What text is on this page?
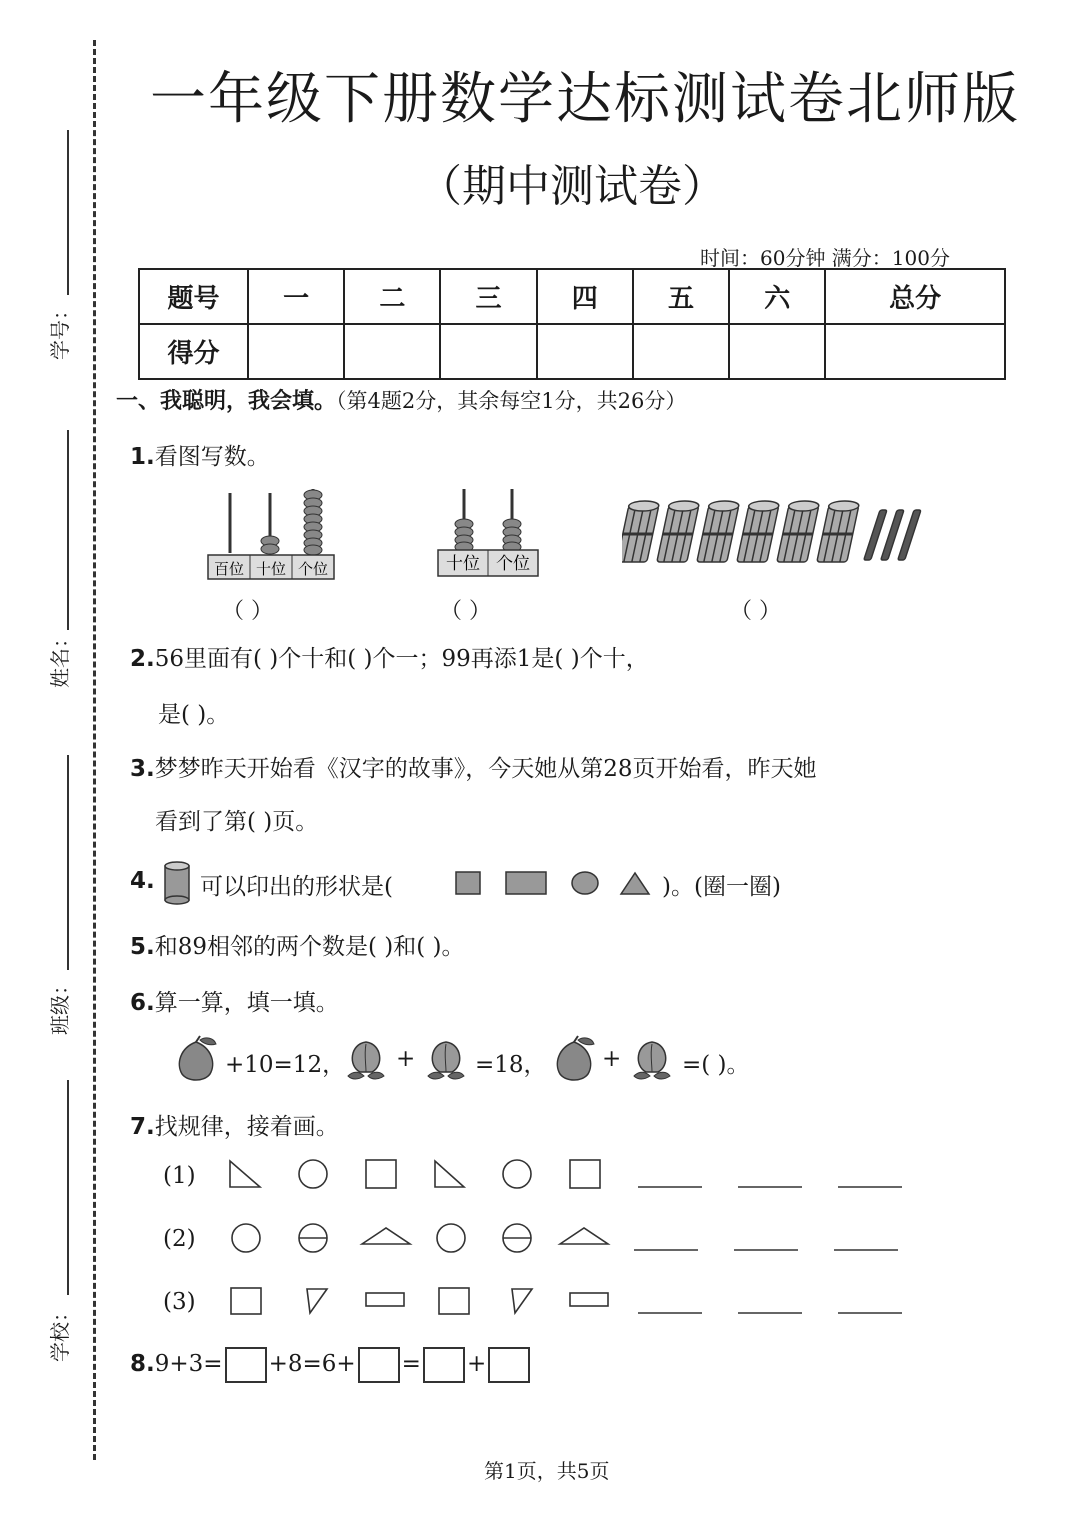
学号：
姓名：
班级：
学校：
一年级下册数学达标测试卷北师版
（期中测试卷）
时间：60分钟 满分：100分
题号	一	二	三	四	五	六	总分
得分							
一、我聪明，我会填。（第4题2分，其余每空1分，共26分）
1.看图写数。
百位 十位 个位
（ ）
十位 个位
（ ）	（ ）
2.56里面有( )个十和( )个一；99再添1是( )个十，
是( )。
3.梦梦昨天开始看《汉字的故事》，今天她从第28页开始看，昨天她
看到了第( )页。
4. 可以印出的形状是(	)。(圈一圈)
5.和89相邻的两个数是( )和( )。
6.算一算，填一填。
+10=12， +	=18， +	=( )。
7.找规律，接着画。
(1)
(2)
(3)
8.9+3= +8=6+ = +
第1页，共5页
